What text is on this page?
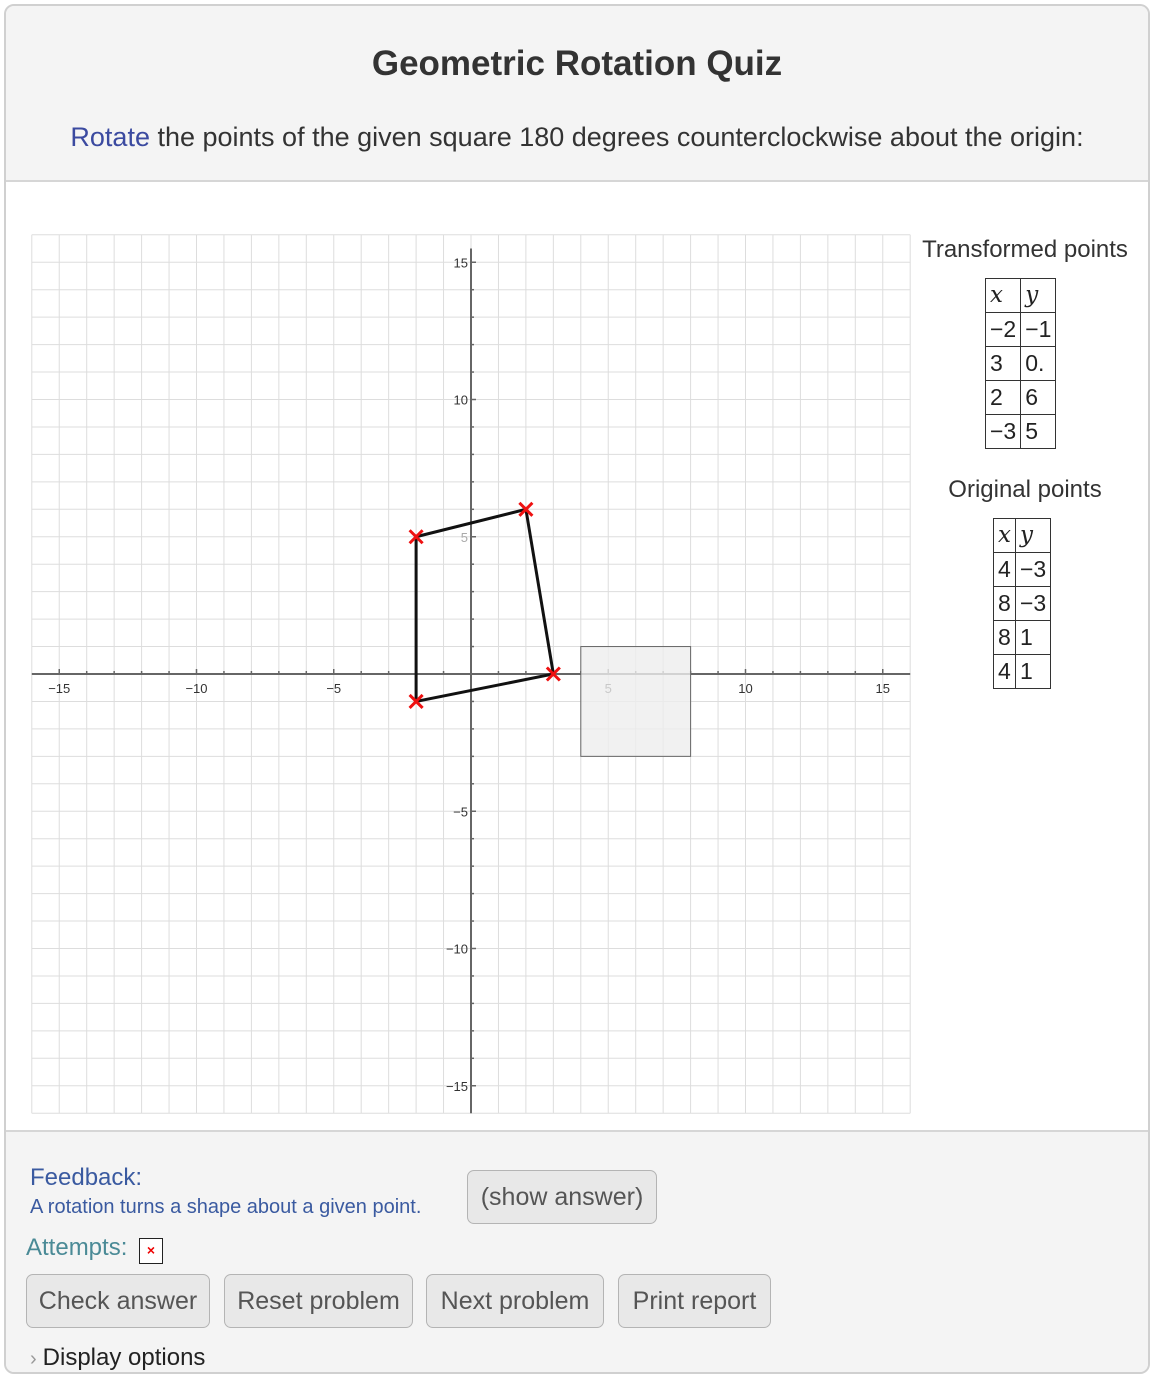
Geometric Rotation Quiz

Rotate the points of the given square 180 degrees counterclockwise about the origin:

−15	−10	−5	10	15
15
10
5
−5
−10
−15

Transformed points

x	y
−2	−1
3	0.
2	6
−3	5

Original points

x	y
4	−3
8	−3
8	1
4	1

Feedback:

A rotation turns a shape about a given point.	(show answer)

Attempts:	×
Check answer	Reset problem	Next problem	Print report

› Display options
